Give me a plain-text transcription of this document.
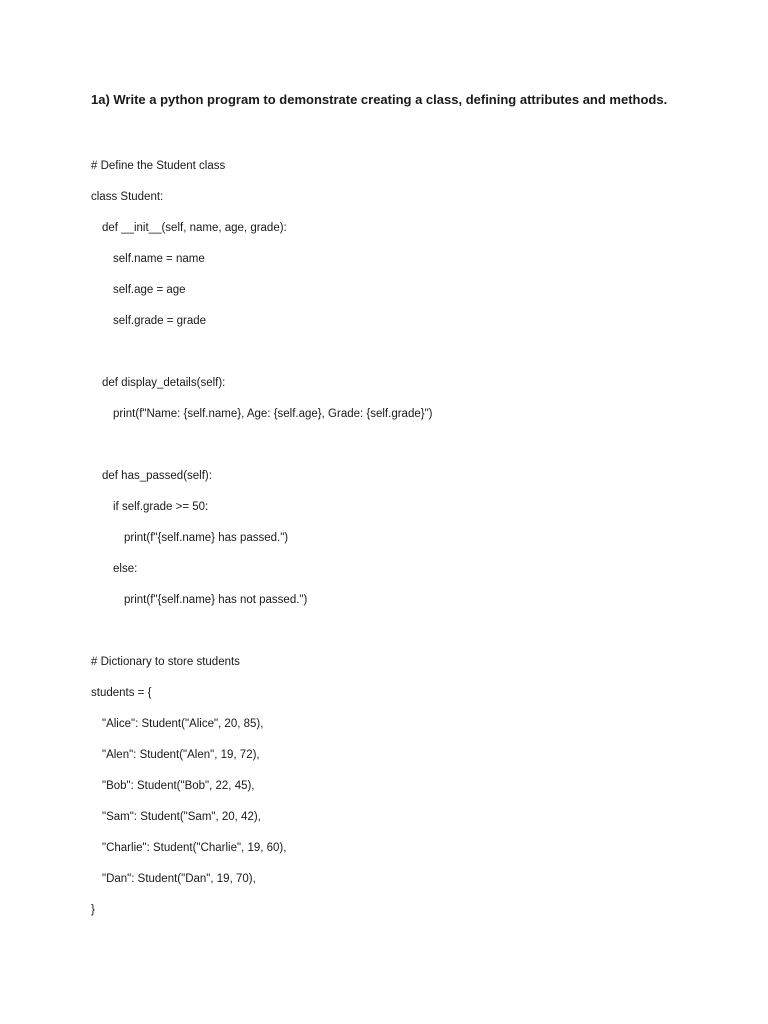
1a) Write a python program to demonstrate creating a class, defining attributes and methods.

# Define the Student class
class Student:
def __init__(self, name, age, grade):
self.name = name
self.age = age
self.grade = grade
def display_details(self):
print(f"Name: {self.name}, Age: {self.age}, Grade: {self.grade}")
def has_passed(self):
if self.grade >= 50:
print(f"{self.name} has passed.")
else:
print(f"{self.name} has not passed.")
# Dictionary to store students
students = {
"Alice": Student("Alice", 20, 85),
"Alen": Student("Alen", 19, 72),
"Bob": Student("Bob", 22, 45),
"Sam": Student("Sam", 20, 42),
"Charlie": Student("Charlie", 19, 60),
"Dan": Student("Dan", 19, 70),
}
